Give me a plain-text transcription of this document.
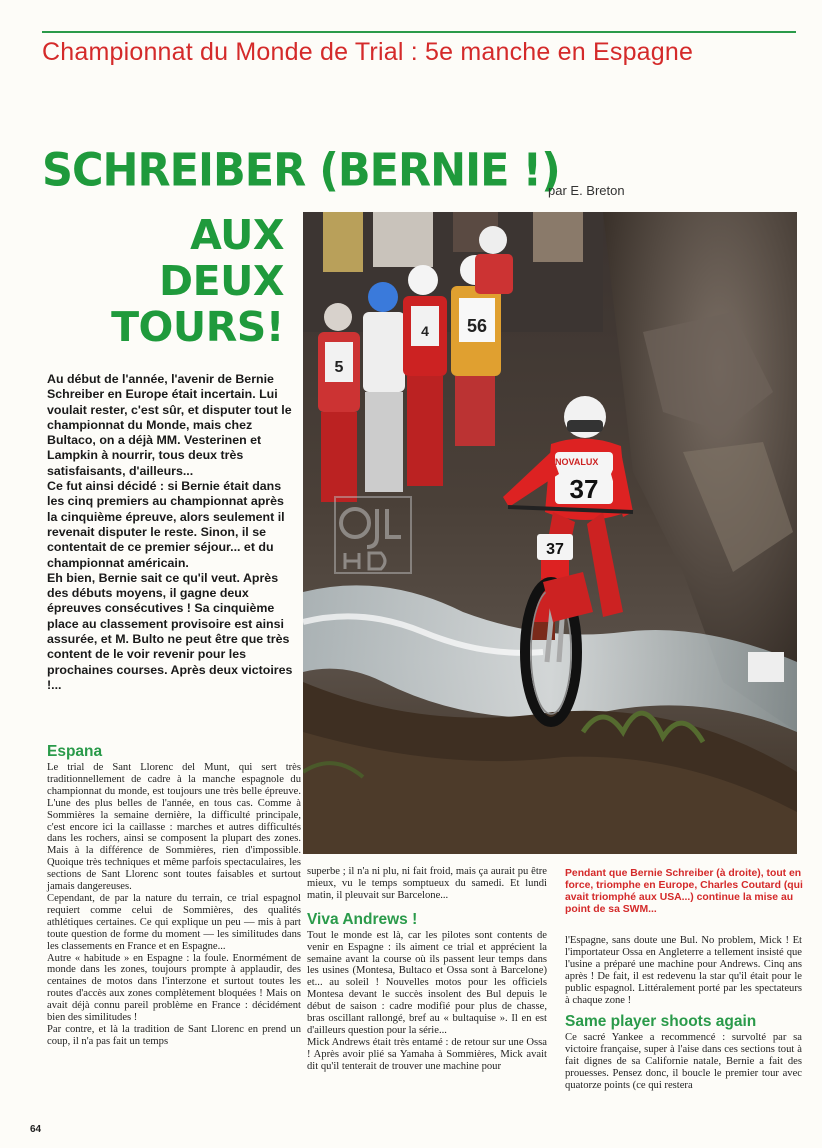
Championnat du Monde de Trial : 5e manche en Espagne
SCHREIBER (BERNIE !)
par E. Breton
AUX
DEUX
TOURS!

Au début de l'année, l'avenir de Bernie Schreiber en Europe était incertain. Lui voulait rester, c'est sûr, et disputer tout le championnat du Monde, mais chez Bultaco, on a déjà MM. Vesterinen et Lampkin à nourrir, tous deux très satisfaisants, d'ailleurs...

Ce fut ainsi décidé : si Bernie était dans les cinq premiers au championnat après la cinquième épreuve, alors seulement il revenait disputer le reste. Sinon, il se contentait de ce premier séjour... et du championnat américain.

Eh bien, Bernie sait ce qu'il veut. Après des débuts moyens, il gagne deux épreuves consécutives ! Sa cinquième place au classement provisoire est ainsi assurée, et M. Bulto ne peut être que très content de le voir revenir pour les prochaines courses. Après deux victoires !...

5
4 56
NOVALUX
37
37
Espana

Le trial de Sant Llorenc del Munt, qui sert très traditionnellement de cadre à la manche espagnole du championnat du monde, est toujours une très belle épreuve. L'une des plus belles de l'année, en tous cas. Comme à Sommières la semaine dernière, la difficulté principale, c'est encore ici la caillasse : marches et autres difficultés dans les rochers, ainsi se composent la plupart des zones. Mais à la différence de Sommières, rien d'impossible. Quoique très techniques et même parfois spectaculaires, les sections de Sant Llorenc sont toutes faisables et surtout jamais dangereuses.

Cependant, de par la nature du terrain, ce trial espagnol requiert comme celui de Sommières, des qualités athlétiques certaines. Ce qui explique un peu — mis à part toute question de forme du moment — les similitudes dans les classements en France et en Espagne...

Autre « habitude » en Espagne : la foule. Enormément de monde dans les zones, toujours prompte à applaudir, des centaines de motos dans l'interzone et surtout toutes les routes d'accès aux zones complètement bloquées ! Mais on avait déjà connu pareil problème en France : décidément bien des similitudes !

Par contre, et là la tradition de Sant Llorenc en prend un coup, il n'a pas fait un temps

superbe ; il n'a ni plu, ni fait froid, mais ça aurait pu être mieux, vu le temps somptueux du samedi. Et lundi matin, il pleuvait sur Barcelone...

Viva Andrews !

Tout le monde est là, car les pilotes sont contents de venir en Espagne : ils aiment ce trial et apprécient la semaine avant la course où ils passent leur temps dans les usines (Montesa, Bultaco et Ossa sont à Barcelone) et... au soleil ! Nouvelles motos pour les officiels Montesa devant le succès insolent des Bul depuis le début de saison : cadre modifié pour plus de chasse, bras oscillant rallongé, bref au « bultaquise ». Il en est d'ailleurs question pour la série...

Mick Andrews était très entamé : de retour sur une Ossa ! Après avoir plié sa Yamaha à Sommières, Mick avait dit qu'il tenterait de trouver une machine pour

Pendant que Bernie Schreiber (à droite), tout en force, triomphe en Europe, Charles Coutard (qui avait triomphé aux USA...) continue la mise au point de sa SWM...

l'Espagne, sans doute une Bul. No problem, Mick ! Et l'importateur Ossa en Angleterre a tellement insisté que l'usine a préparé une machine pour Andrews. Cinq ans après ! De fait, il est redevenu la star qu'il était pour le public espagnol. Littéralement porté par les spectateurs à chaque zone !

Same player shoots again

Ce sacré Yankee a recommencé : survolté par sa victoire française, super à l'aise dans ces sections tout à fait dignes de sa Californie natale, Bernie a fait des prouesses. Pensez donc, il boucle le premier tour avec quatorze points (ce qui restera

64
